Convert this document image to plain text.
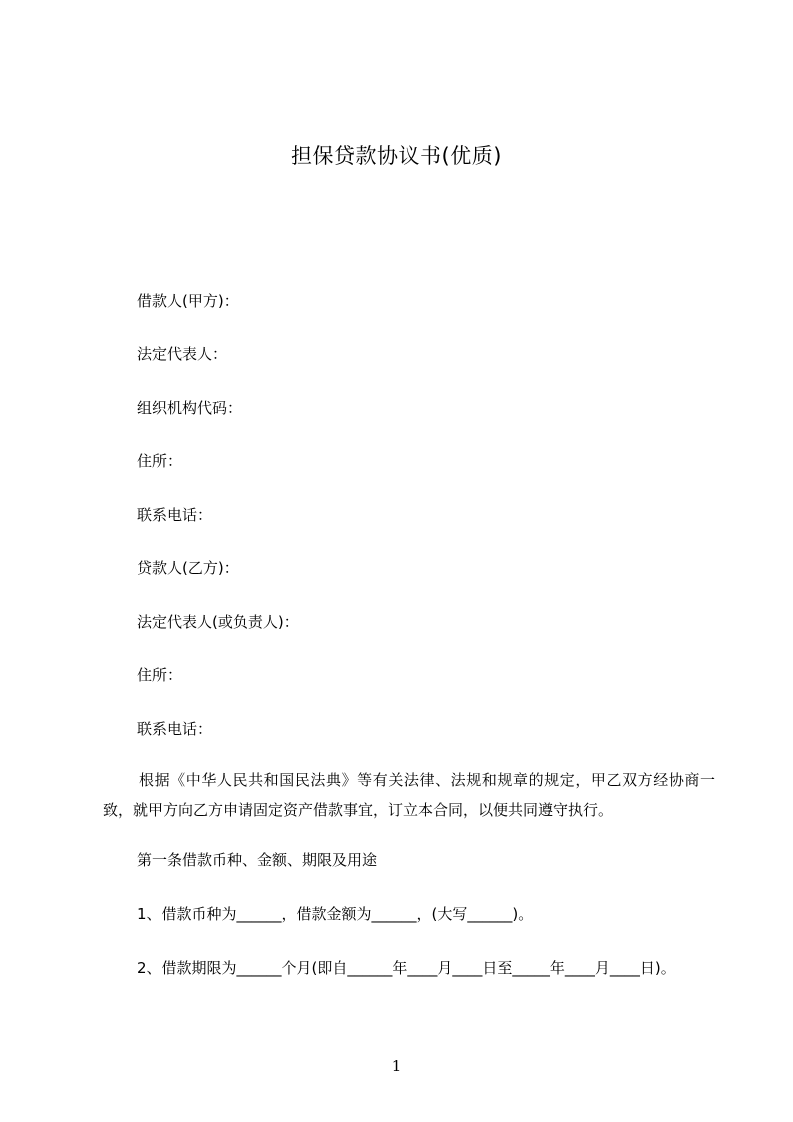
担保贷款协议书(优质)
借款人(甲方)：
法定代表人：
组织机构代码：
住所：
联系电话：
贷款人(乙方)：
法定代表人(或负责人)：
住所：
联系电话：
根据《中华人民共和国民法典》等有关法律、法规和规章的规定，甲乙双方经协商一致，就甲方向乙方申请固定资产借款事宜，订立本合同，以便共同遵守执行。
第一条借款币种、金额、期限及用途
1、借款币种为______，借款金额为______，(大写______)。
2、借款期限为______个月(即自______年____月____日至_____年____月____日)。
1
